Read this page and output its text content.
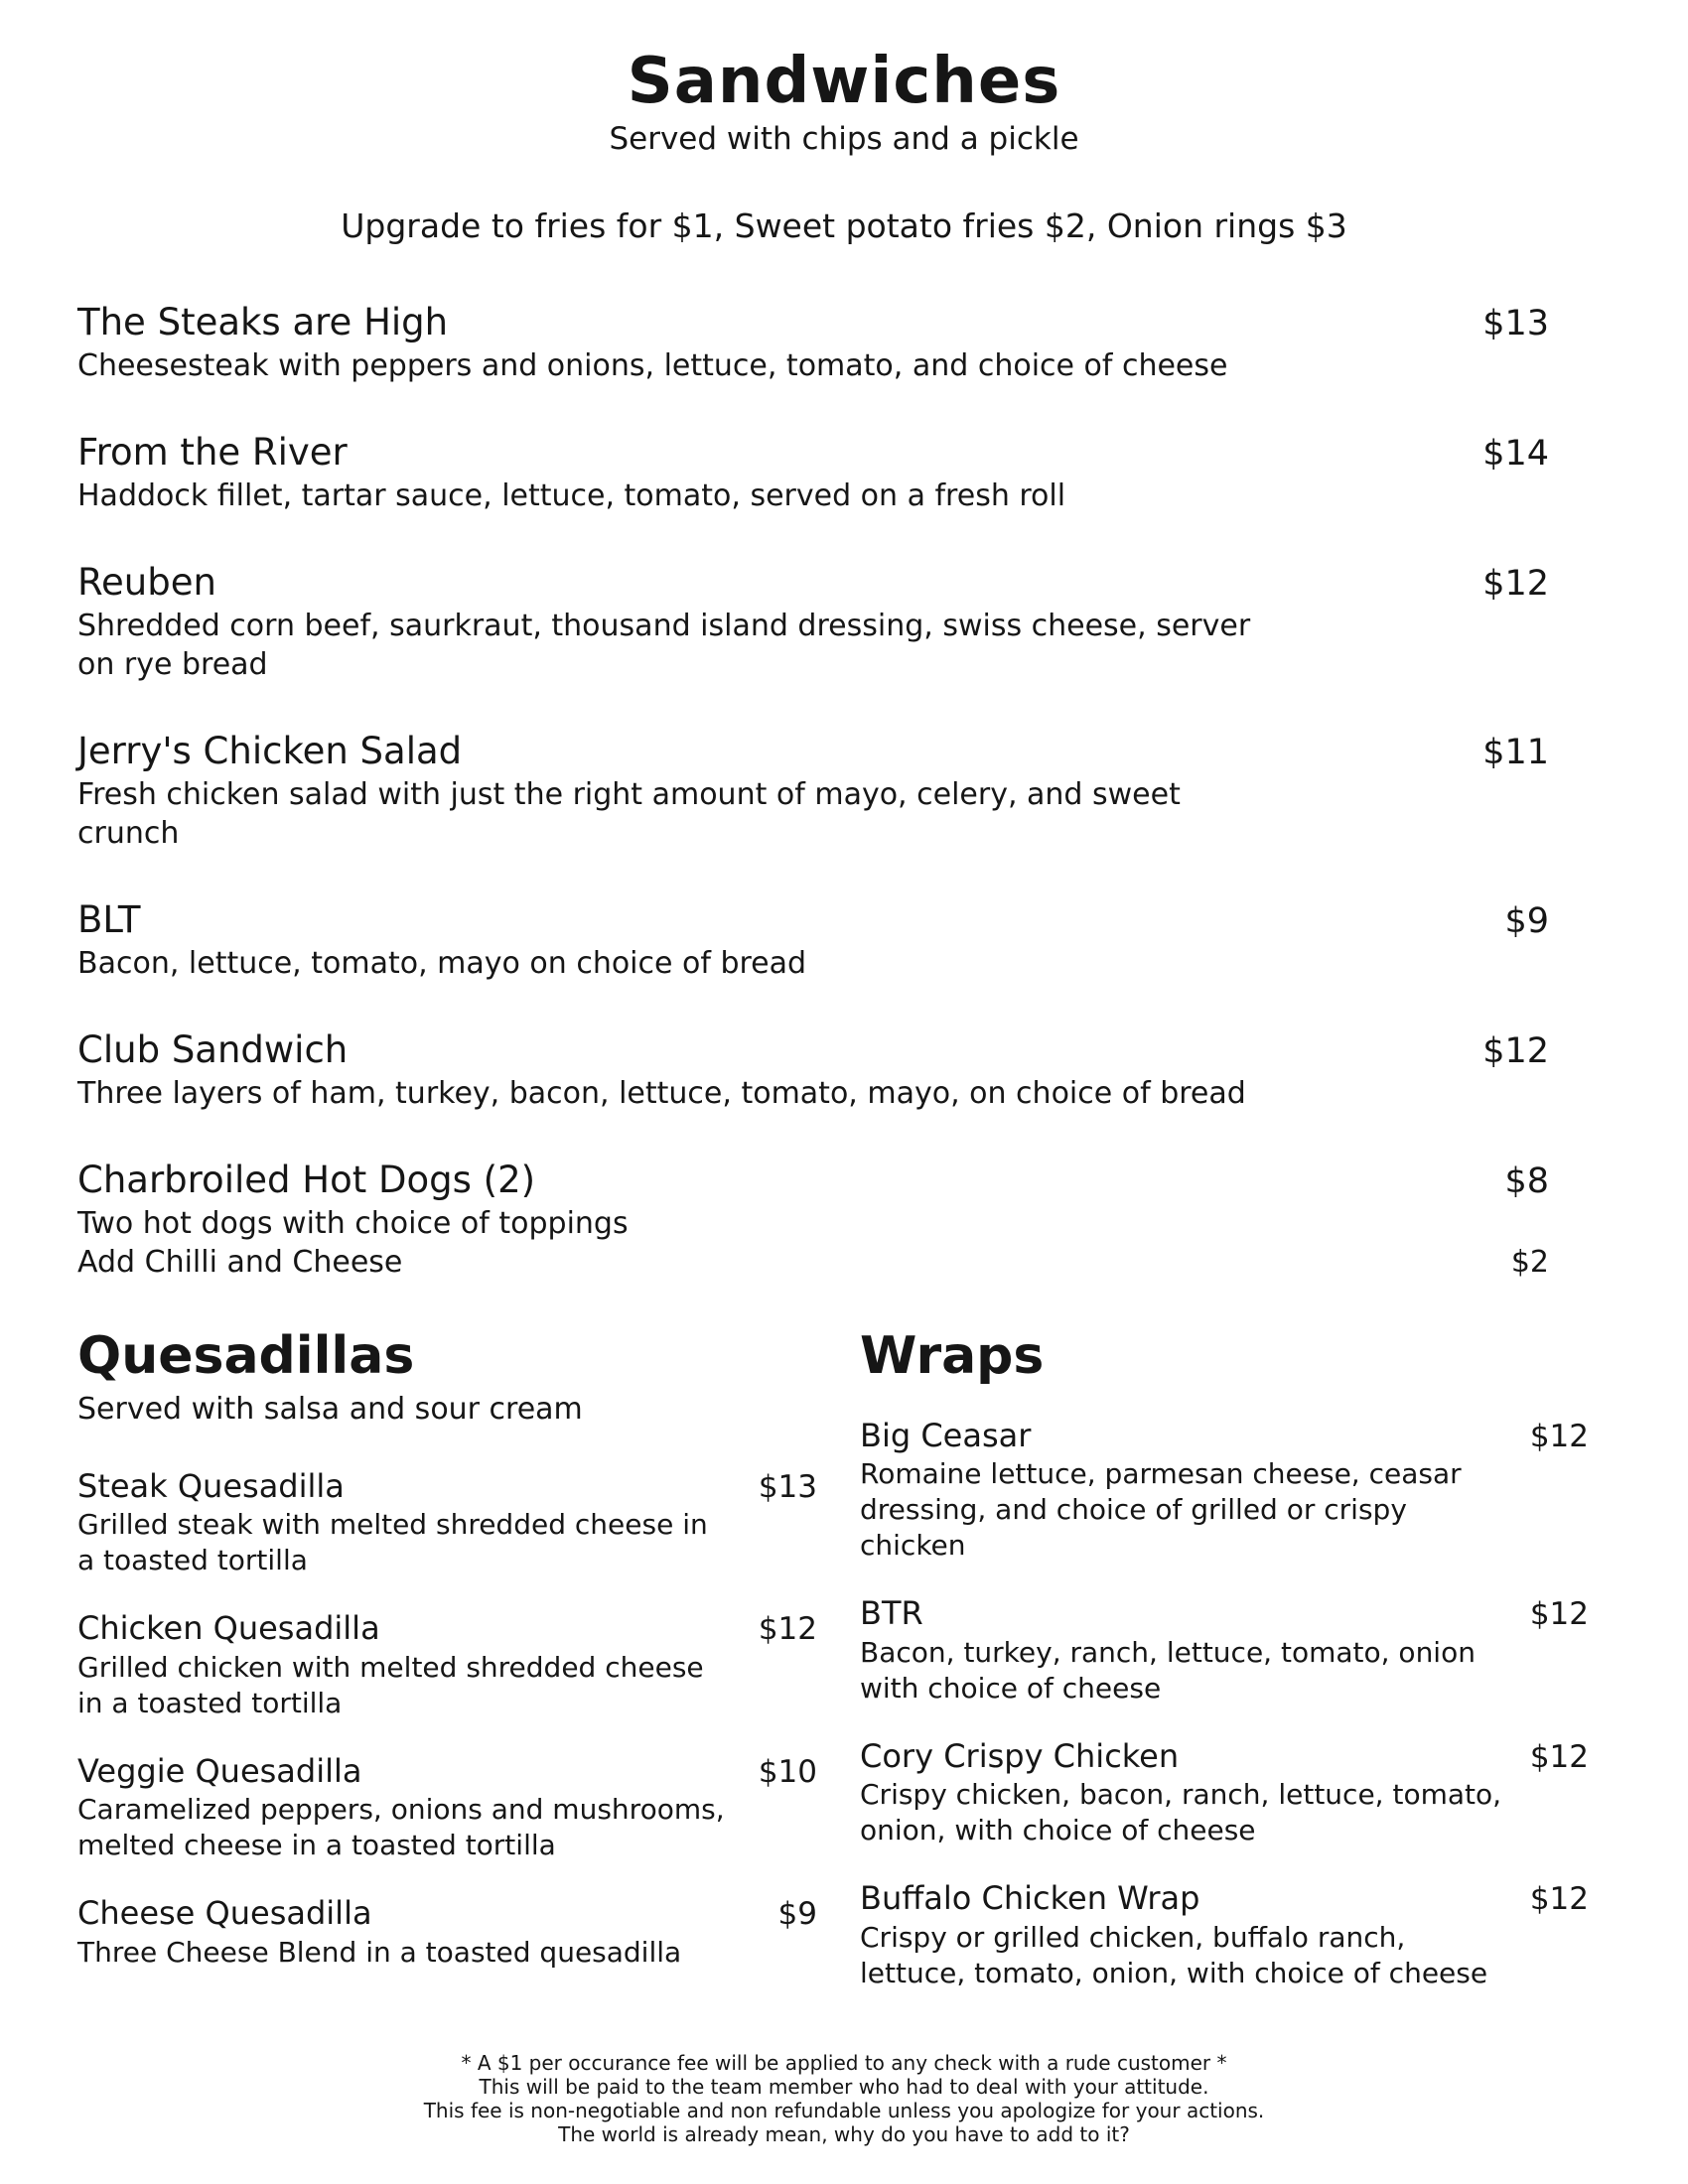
Sandwiches
Served with chips and a pickle
Upgrade to fries for $1, Sweet potato fries $2, Onion rings $3
The Steaks are High	$13
Cheesesteak with peppers and onions, lettuce, tomato, and choice of cheese
From the River	$14
Haddock fillet, tartar sauce, lettuce, tomato, served on a fresh roll
Reuben	$12
Shredded corn beef, saurkraut, thousand island dressing, swiss cheese, server
on rye bread
Jerry's Chicken Salad	$11
Fresh chicken salad with just the right amount of mayo, celery, and sweet
crunch
BLT	$9
Bacon, lettuce, tomato, mayo on choice of bread
Club Sandwich	$12
Three layers of ham, turkey, bacon, lettuce, tomato, mayo, on choice of bread
Charbroiled Hot Dogs (2)	$8
Two hot dogs with choice of toppings
Add Chilli and Cheese	$2
Quesadillas
Served with salsa and sour cream
Steak Quesadilla	$13
Grilled steak with melted shredded cheese in
a toasted tortilla
Chicken Quesadilla	$12
Grilled chicken with melted shredded cheese
in a toasted tortilla
Veggie Quesadilla	$10
Caramelized peppers, onions and mushrooms,
melted cheese in a toasted tortilla
Cheese Quesadilla	$9
Three Cheese Blend in a toasted quesadilla
Wraps
Big Ceasar	$12
Romaine lettuce, parmesan cheese, ceasar
dressing, and choice of grilled or crispy
chicken
BTR	$12
Bacon, turkey, ranch, lettuce, tomato, onion
with choice of cheese
Cory Crispy Chicken	$12
Crispy chicken, bacon, ranch, lettuce, tomato,
onion, with choice of cheese
Buffalo Chicken Wrap	$12
Crispy or grilled chicken, buffalo ranch,
lettuce, tomato, onion, with choice of cheese
* A $1 per occurance fee will be applied to any check with a rude customer *
This will be paid to the team member who had to deal with your attitude.
This fee is non-negotiable and non refundable unless you apologize for your actions.
The world is already mean, why do you have to add to it?
